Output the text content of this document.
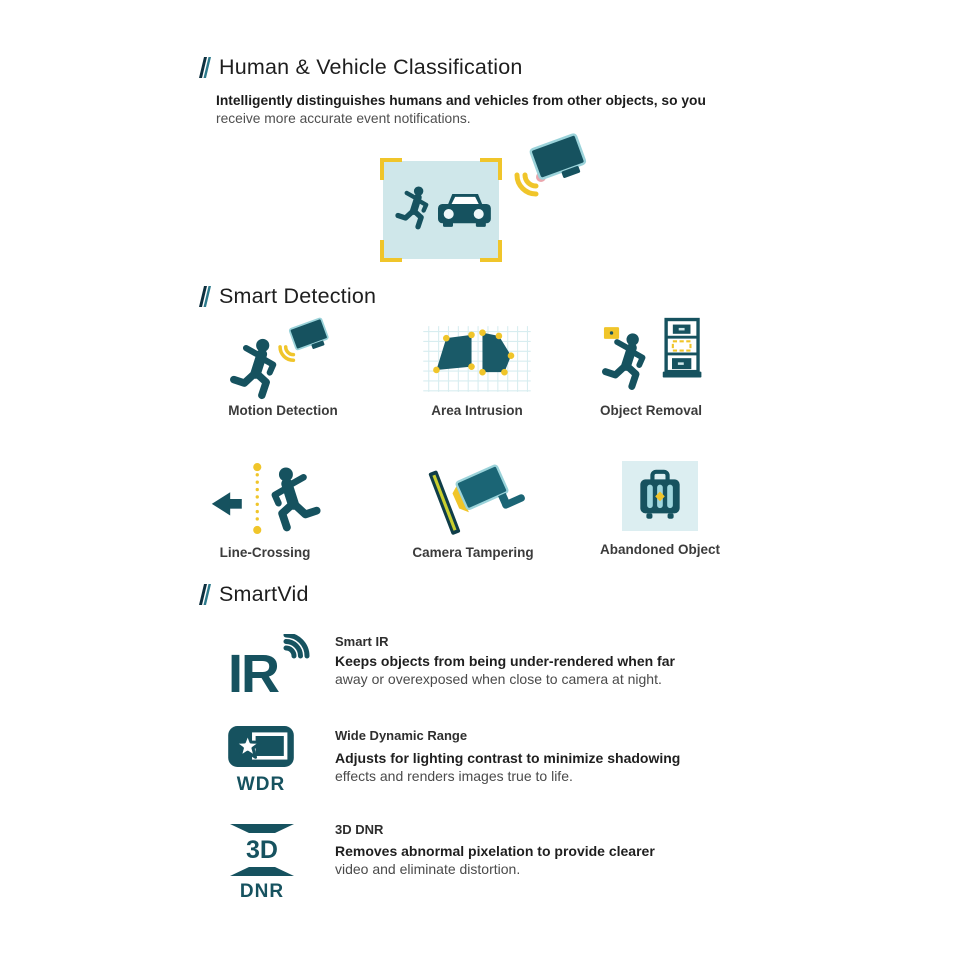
Human & Vehicle Classification
Intelligently distinguishes humans and vehicles from other objects, so you
receive more accurate event notifications.
Smart Detection
Motion Detection	Area Intrusion	Object Removal
Line-Crossing	Camera Tampering	Abandoned Object
SmartVid
IR
Smart IR
Keeps objects from being under-rendered when far
away or overexposed when close to camera at night.
WDR
Wide Dynamic Range
Adjusts for lighting contrast to minimize shadowing
effects and renders images true to life.
3D
DNR
3D DNR
Removes abnormal pixelation to provide clearer
video and eliminate distortion.
